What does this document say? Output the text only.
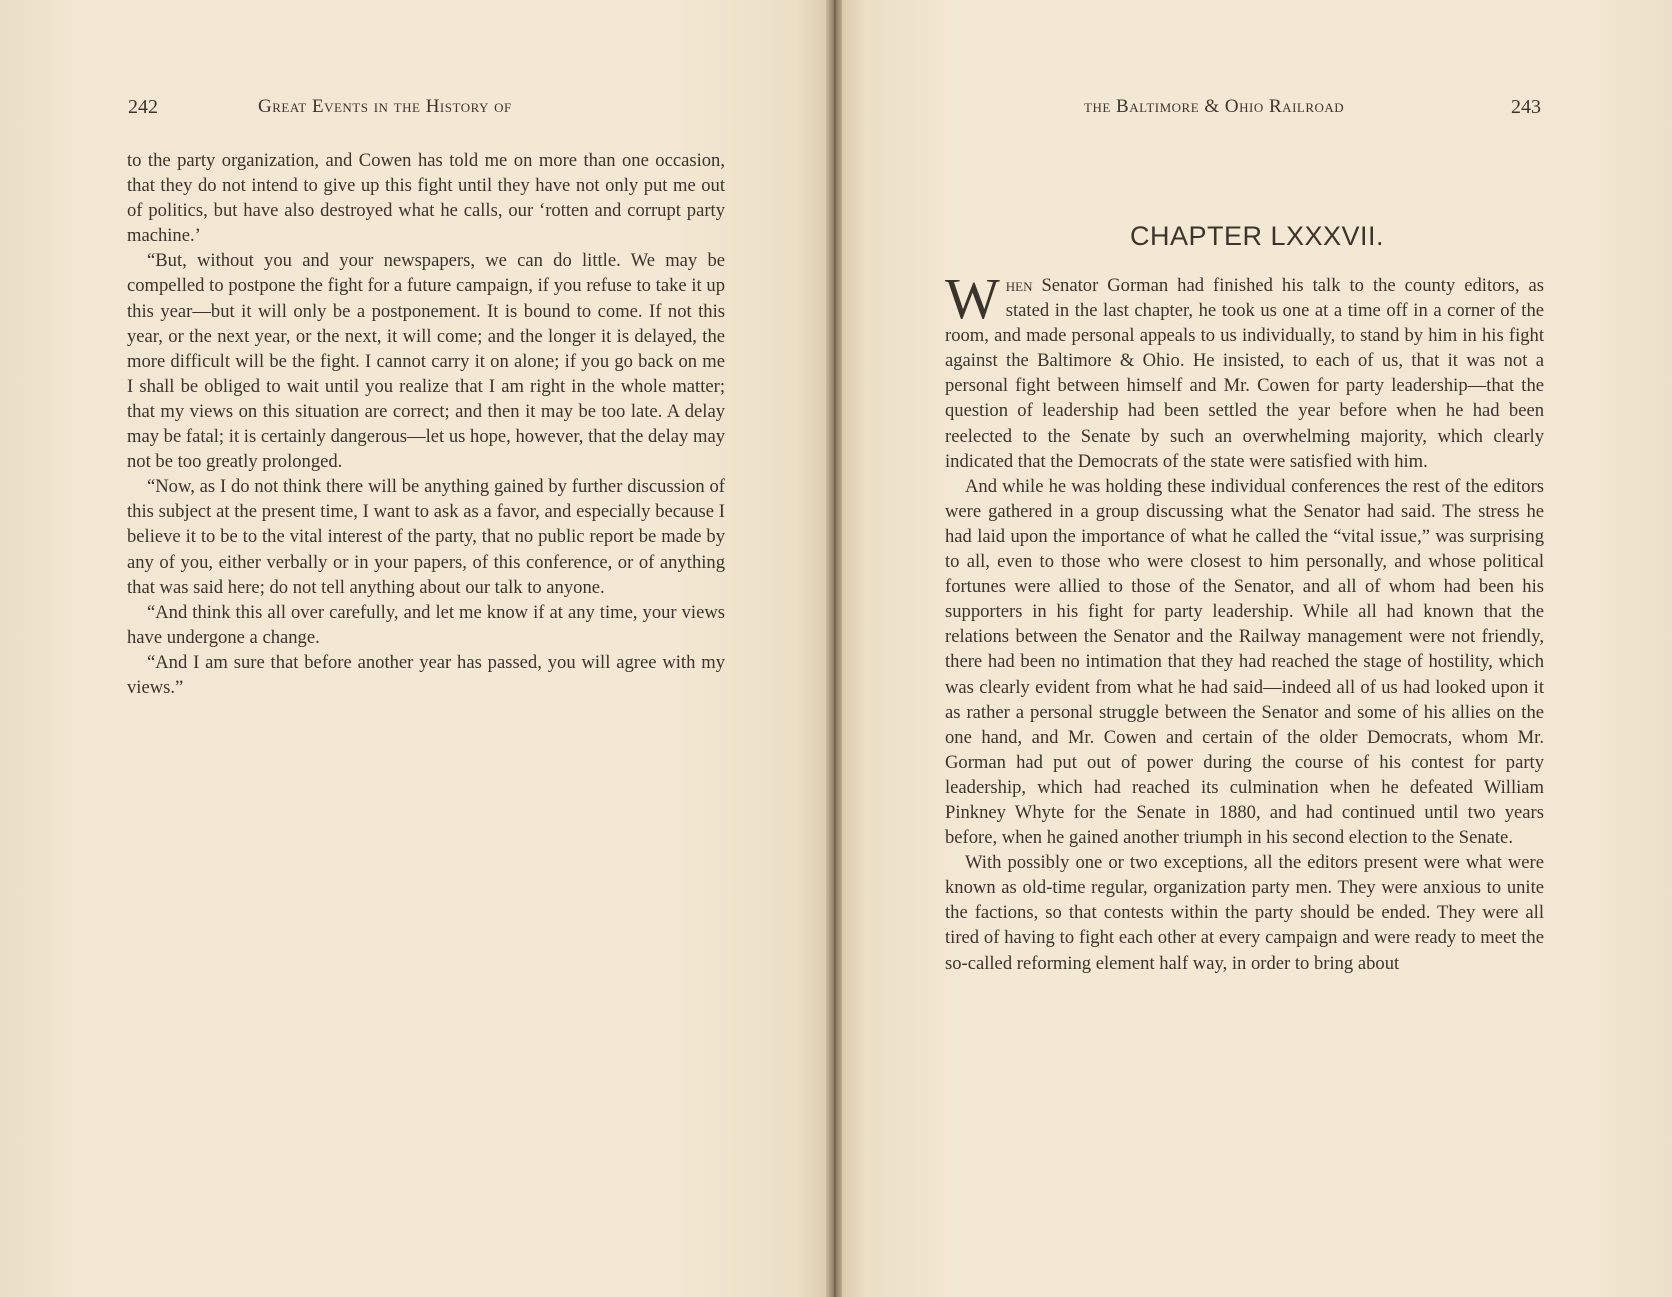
242	Great Events in the History of

to the party organization, and Cowen has told me on more than one occasion, that they do not intend to give up this fight until they have not only put me out of politics, but have also destroyed what he calls, our ‘rotten and corrupt party machine.’

“But, without you and your newspapers, we can do little. We may be compelled to postpone the fight for a future campaign, if you refuse to take it up this year—but it will only be a postponement. It is bound to come. If not this year, or the next year, or the next, it will come; and the longer it is delayed, the more difficult will be the fight. I cannot carry it on alone; if you go back on me I shall be obliged to wait until you realize that I am right in the whole matter; that my views on this situation are correct; and then it may be too late. A delay may be fatal; it is certainly dangerous—let us hope, however, that the delay may not be too greatly prolonged.

“Now, as I do not think there will be anything gained by further discussion of this subject at the present time, I want to ask as a favor, and especially because I believe it to be to the vital interest of the party, that no public report be made by any of you, either verbally or in your papers, of this conference, or of anything that was said here; do not tell anything about our talk to anyone.

“And think this all over carefully, and let me know if at any time, your views have undergone a change.

“And I am sure that before another year has passed, you will agree with my views.”

the Baltimore & Ohio Railroad	243
CHAPTER LXXXVII.

When Senator Gorman had finished his talk to the county editors, as stated in the last chapter, he took us one at a time off in a corner of the room, and made personal appeals to us individually, to stand by him in his fight against the Baltimore & Ohio. He insisted, to each of us, that it was not a personal fight between himself and Mr. Cowen for party leadership—that the question of leadership had been settled the year before when he had been reelected to the Senate by such an overwhelming majority, which clearly indicated that the Democrats of the state were satisfied with him.

And while he was holding these individual conferences the rest of the editors were gathered in a group discussing what the Senator had said. The stress he had laid upon the importance of what he called the “vital issue,” was surprising to all, even to those who were closest to him personally, and whose political fortunes were allied to those of the Senator, and all of whom had been his supporters in his fight for party leadership. While all had known that the relations between the Senator and the Railway management were not friendly, there had been no intimation that they had reached the stage of hostility, which was clearly evident from what he had said—indeed all of us had looked upon it as rather a personal struggle between the Senator and some of his allies on the one hand, and Mr. Cowen and certain of the older Democrats, whom Mr. Gorman had put out of power during the course of his contest for party leadership, which had reached its culmination when he defeated William Pinkney Whyte for the Senate in 1880, and had continued until two years before, when he gained another triumph in his second election to the Senate.

With possibly one or two exceptions, all the editors present were what were known as old-time regular, organization party men. They were anxious to unite the factions, so that contests within the party should be ended. They were all tired of having to fight each other at every campaign and were ready to meet the so-called reforming element half way, in order to bring about
